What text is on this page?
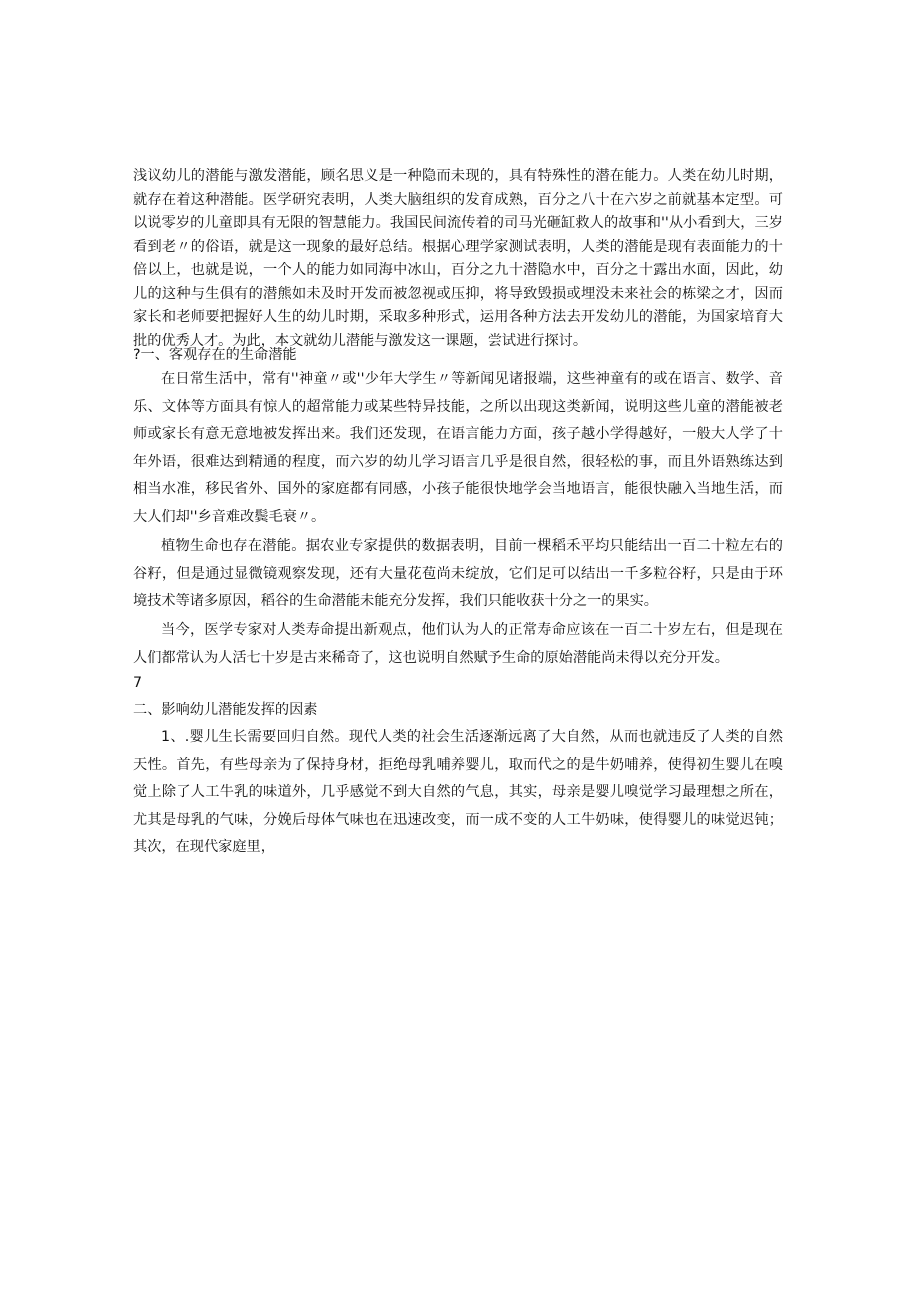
浅议幼儿的潜能与激发潜能，顾名思义是一种隐而未现的，具有特殊性的潜在能力。人类在幼儿时期，就存在着这种潜能。医学研究表明，人类大脑组织的发育成熟，百分之八十在六岁之前就基本定型。可以说零岁的儿童即具有无限的智慧能力。我国民间流传着的司马光砸缸救人的故事和''从小看到大，三岁看到老〃的俗语，就是这一现象的最好总结。根据心理学家测试表明，人类的潜能是现有表面能力的十倍以上，也就是说，一个人的能力如同海中冰山，百分之九十潜隐水中，百分之十露出水面，因此，幼儿的这种与生俱有的潜熊如未及时开发而被忽视或压抑，将导致毁损或埋没未来社会的栋梁之才，因而家长和老师要把握好人生的幼儿时期，采取多种形式，运用各种方法去开发幼儿的潜能，为国家培育大批的优秀人才。为此，本文就幼儿潜能与激发这一课题，尝试进行探讨。

?一、客观存在的生命潜能

在日常生活中，常有''神童〃或''少年大学生〃等新闻见诸报端，这些神童有的或在语言、数学、音乐、文体等方面具有惊人的超常能力或某些特异技能，之所以出现这类新闻，说明这些儿童的潜能被老师或家长有意无意地被发挥出来。我们还发现，在语言能力方面，孩子越小学得越好，一般大人学了十年外语，很难达到精通的程度，而六岁的幼儿学习语言几乎是很自然，很轻松的事，而且外语熟练达到相当水准，移民省外、国外的家庭都有同感，小孩子能很快地学会当地语言，能很快融入当地生活，而大人们却''乡音难改鬓毛衰〃。

植物生命也存在潜能。据农业专家提供的数据表明，目前一棵稻禾平均只能结出一百二十粒左右的谷籽，但是通过显微镜观察发现，还有大量花苞尚未绽放，它们足可以结出一千多粒谷籽，只是由于环境技术等诸多原因，稻谷的生命潜能未能充分发挥，我们只能收获十分之一的果实。

当今，医学专家对人类寿命提出新观点，他们认为人的正常寿命应该在一百二十岁左右，但是现在人们都常认为人活七十岁是古来稀奇了，这也说明自然赋予生命的原始潜能尚未得以充分开发。

7

二、影响幼儿潜能发挥的因素

1、.婴儿生长需要回归自然。现代人类的社会生活逐渐远离了大自然，从而也就违反了人类的自然天性。首先，有些母亲为了保持身材，拒绝母乳哺养婴儿，取而代之的是牛奶哺养，使得初生婴儿在嗅觉上除了人工牛乳的味道外，几乎感觉不到大自然的气息，其实，母亲是婴儿嗅觉学习最理想之所在，尤其是母乳的气味，分娩后母体气味也在迅速改变，而一成不变的人工牛奶味，使得婴儿的味觉迟钝；其次，在现代家庭里，
